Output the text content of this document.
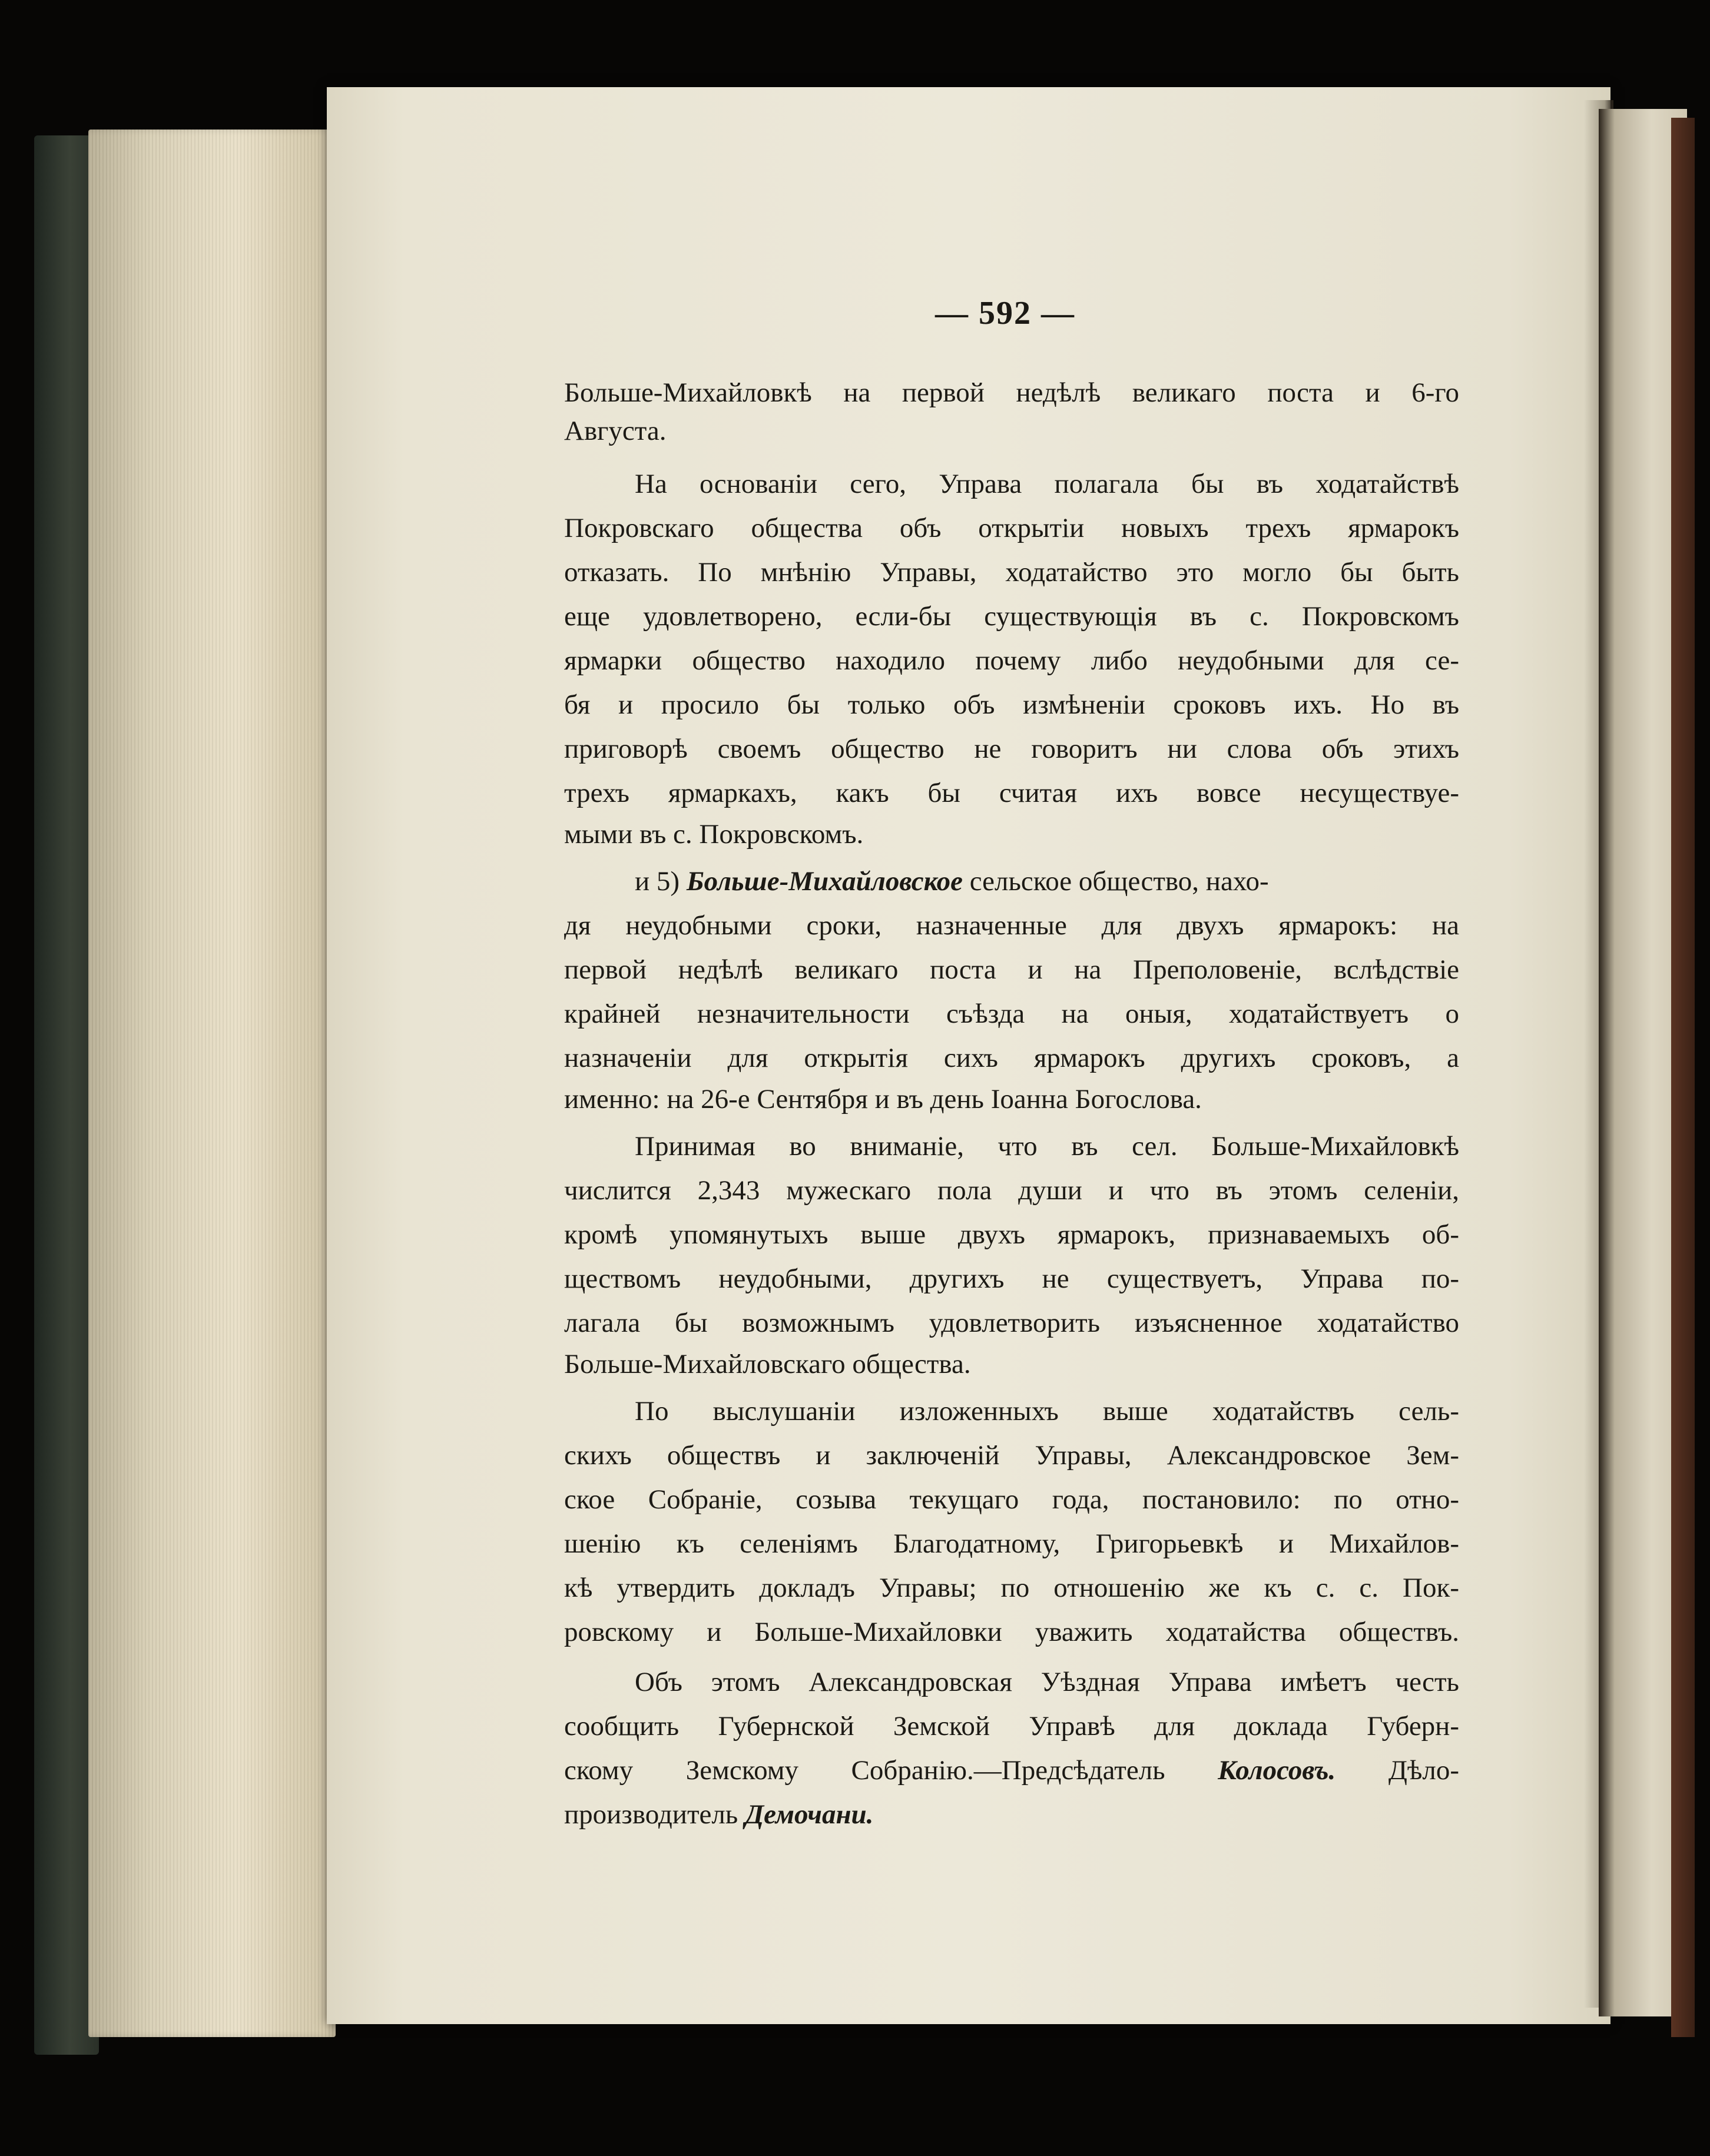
— 592 —
Больше-Михайловкѣ на первой недѣлѣ великаго поста и 6-го
Августа.
На основаніи сего, Управа полагала бы въ ходатайствѣ
Покровскаго общества объ открытіи новыхъ трехъ ярмарокъ
отказать. По мнѣнію Управы, ходатайство это могло бы быть
еще удовлетворено, если-бы существующія въ с. Покровскомъ
ярмарки общество находило почему либо неудобными для се-
бя и просило бы только объ измѣненіи сроковъ ихъ. Но въ
приговорѣ своемъ общество не говоритъ ни слова объ этихъ
трехъ ярмаркахъ, какъ бы считая ихъ вовсе несуществуе-
мыми въ с. Покровскомъ.
и 5) Больше-Михайловское сельское общество, нахо-
дя неудобными сроки, назначенные для двухъ ярмарокъ: на
первой недѣлѣ великаго поста и на Преполовеніе, вслѣдствіе
крайней незначительности съѣзда на оныя, ходатайствуетъ о
назначеніи для открытія сихъ ярмарокъ другихъ сроковъ, а
именно: на 26-е Сентября и въ день Іоанна Богослова.
Принимая во вниманіе, что въ сел. Больше-Михайловкѣ
числится 2,343 мужескаго пола души и что въ этомъ селеніи,
кромѣ упомянутыхъ выше двухъ ярмарокъ, признаваемыхъ об-
ществомъ неудобными, другихъ не существуетъ, Управа по-
лагала бы возможнымъ удовлетворить изъясненное ходатайство
Больше-Михайловскаго общества.
По выслушаніи изложенныхъ выше ходатайствъ сель-
скихъ обществъ и заключеній Управы, Александровское Зем-
ское Собраніе, созыва текущаго года, постановило: по отно-
шенію къ селеніямъ Благодатному, Григорьевкѣ и Михайлов-
кѣ утвердить докладъ Управы; по отношенію же къ с. с. Пок-
ровскому и Больше-Михайловки уважить ходатайства обществъ.
Объ этомъ Александровская Уѣздная Управа имѣетъ честь
сообщить Губернской Земской Управѣ для доклада Губерн-
скому Земскому Собранію.—Предсѣдатель Колосовъ. Дѣло-
производитель Демочани.
